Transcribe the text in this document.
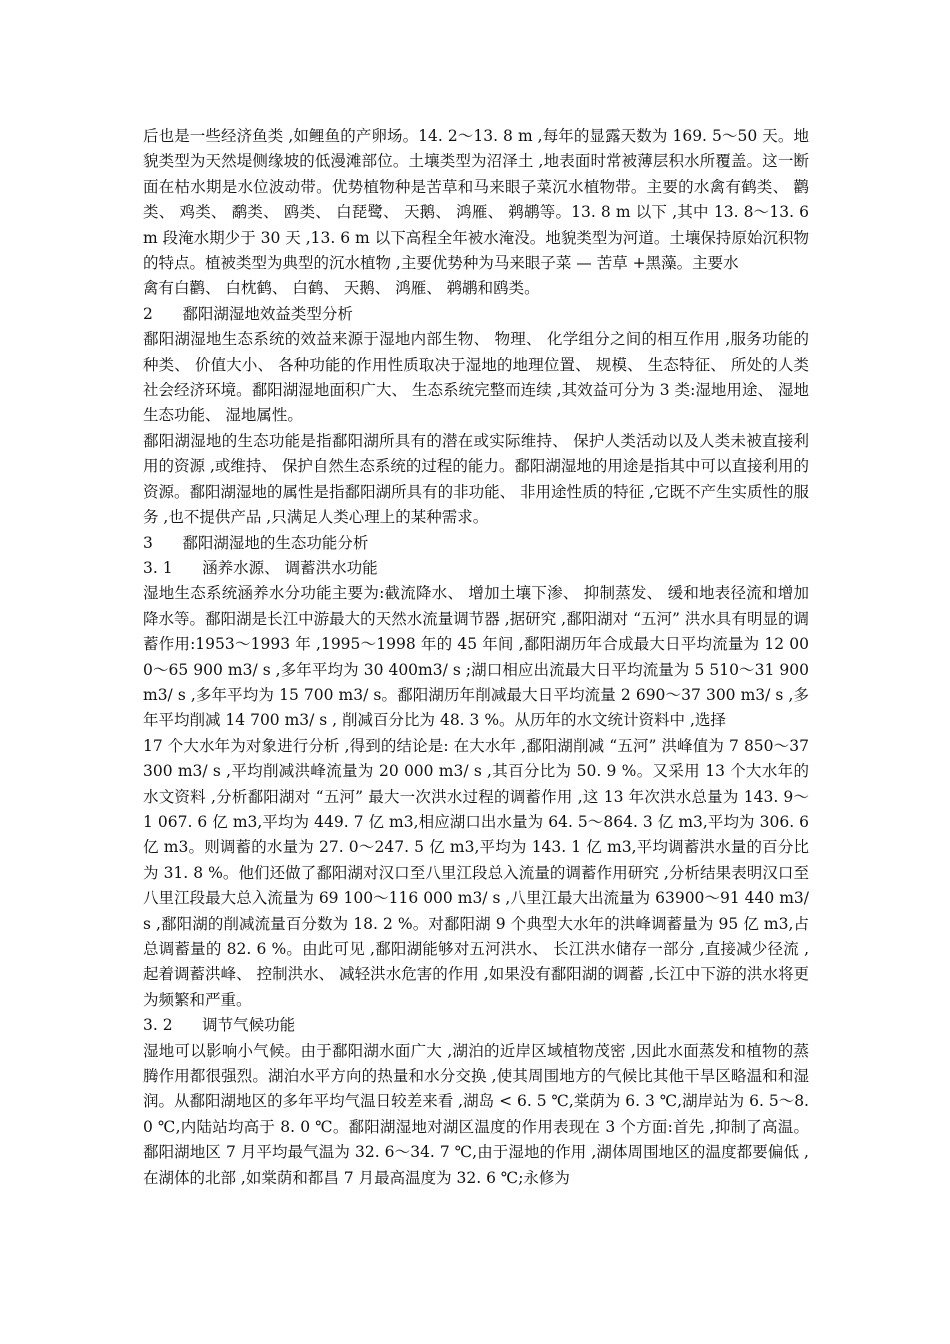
后也是一些经济鱼类 ,如鲤鱼的产卵场。14. 2～13. 8 m ,每年的显露天数为 169. 5～50 天。地貌类型为天然堤侧缘坡的低漫滩部位。土壤类型为沼泽土 ,地表面时常被薄层积水所覆盖。这一断面在枯水期是水位波动带。优势植物种是苦草和马来眼子菜沉水植物带。主要的水禽有鹤类、 鹳类、 鸡类、 鹬类、 鸥类、 白琵鹭、 天鹅、 鸿雁、 鹈鹕等。13. 8 m 以下 ,其中 13. 8～13. 6 m 段淹水期少于 30 天 ,13. 6 m 以下高程全年被水淹没。地貌类型为河道。土壤保持原始沉积物的特点。植被类型为典型的沉水植物 ,主要优势种为马来眼子菜 — 苦草 +黑藻。主要水

禽有白鹳、 白枕鹤、 白鹤、 天鹅、 鸿雁、 鹈鹕和鸥类。

2      鄱阳湖湿地效益类型分析

鄱阳湖湿地生态系统的效益来源于湿地内部生物、 物理、 化学组分之间的相互作用 ,服务功能的种类、 价值大小、 各种功能的作用性质取决于湿地的地理位置、 规模、 生态特征、 所处的人类社会经济环境。鄱阳湖湿地面积广大、 生态系统完整而连续 ,其效益可分为 3 类:湿地用途、 湿地生态功能、 湿地属性。

鄱阳湖湿地的生态功能是指鄱阳湖所具有的潜在或实际维持、 保护人类活动以及人类未被直接利用的资源 ,或维持、 保护自然生态系统的过程的能力。鄱阳湖湿地的用途是指其中可以直接利用的资源。鄱阳湖湿地的属性是指鄱阳湖所具有的非功能、 非用途性质的特征 ,它既不产生实质性的服务 ,也不提供产品 ,只满足人类心理上的某种需求。

3      鄱阳湖湿地的生态功能分析

3. 1      涵养水源、 调蓄洪水功能

湿地生态系统涵养水分功能主要为:截流降水、 增加土壤下渗、 抑制蒸发、 缓和地表径流和增加降水等。鄱阳湖是长江中游最大的天然水流量调节器 ,据研究 ,鄱阳湖对 “五河” 洪水具有明显的调蓄作用:1953～1993 年 ,1995～1998 年的 45 年间 ,鄱阳湖历年合成最大日平均流量为 12 000～65 900 m3/ s ,多年平均为 30 400m3/ s ;湖口相应出流最大日平均流量为 5 510～31 900 m3/ s ,多年平均为 15 700 m3/ s。鄱阳湖历年削减最大日平均流量 2 690～37 300 m3/ s ,多年平均削减 14 700 m3/ s , 削减百分比为 48. 3 %。从历年的水文统计资料中 ,选择

17 个大水年为对象进行分析 ,得到的结论是: 在大水年 ,鄱阳湖削减 “五河” 洪峰值为 7 850～37 300 m3/ s ,平均削减洪峰流量为 20 000 m3/ s ,其百分比为 50. 9 %。又采用 13 个大水年的水文资料 ,分析鄱阳湖对 “五河” 最大一次洪水过程的调蓄作用 ,这 13 年次洪水总量为 143. 9～1 067. 6 亿 m3,平均为 449. 7 亿 m3,相应湖口出水量为 64. 5～864. 3 亿 m3,平均为 306. 6 亿 m3。则调蓄的水量为 27. 0～247. 5 亿 m3,平均为 143. 1 亿 m3,平均调蓄洪水量的百分比为 31. 8 %。他们还做了鄱阳湖对汉口至八里江段总入流量的调蓄作用研究 ,分析结果表明汉口至八里江段最大总入流量为 69 100～116 000 m3/ s ,八里江最大出流量为 63900～91 440 m3/ s ,鄱阳湖的削减流量百分数为 18. 2 %。对鄱阳湖 9 个典型大水年的洪峰调蓄量为 95 亿 m3,占总调蓄量的 82. 6 %。由此可见 ,鄱阳湖能够对五河洪水、 长江洪水储存一部分 ,直接减少径流 ,起着调蓄洪峰、 控制洪水、 减轻洪水危害的作用 ,如果没有鄱阳湖的调蓄 ,长江中下游的洪水将更为频繁和严重。

3. 2      调节气候功能

湿地可以影响小气候。由于鄱阳湖水面广大 ,湖泊的近岸区域植物茂密 ,因此水面蒸发和植物的蒸腾作用都很强烈。湖泊水平方向的热量和水分交换 ,使其周围地方的气候比其他干旱区略温和和湿润。从鄱阳湖地区的多年平均气温日较差来看 ,湖岛 < 6. 5 ℃,棠荫为 6. 3 ℃,湖岸站为 6. 5～8. 0 ℃,内陆站均高于 8. 0 ℃。鄱阳湖湿地对湖区温度的作用表现在 3 个方面:首先 ,抑制了高温。鄱阳湖地区 7 月平均最气温为 32. 6～34. 7 ℃,由于湿地的作用 ,湖体周围地区的温度都要偏低 ,在湖体的北部 ,如棠荫和都昌 7 月最高温度为 32. 6 ℃;永修为
